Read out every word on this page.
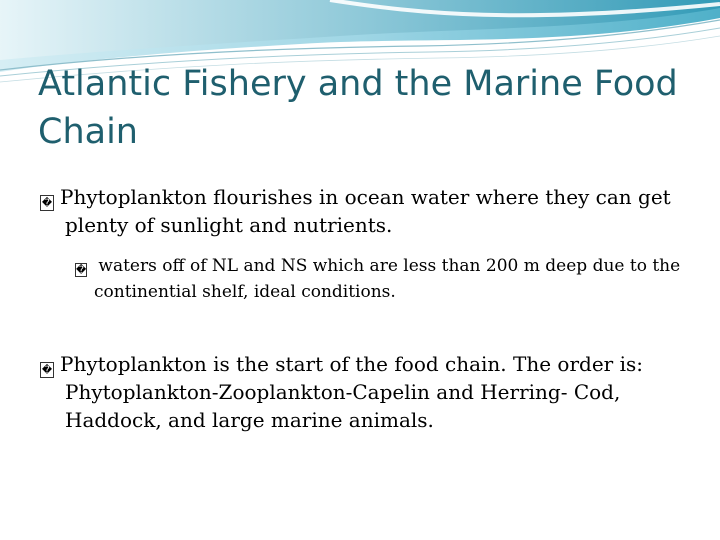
Atlantic Fishery and the Marine Food Chain
� Phytoplankton flourishes in ocean water where they can get plenty of sunlight and nutrients.
� waters off of NL and NS which are less than 200 m deep due to the continential shelf, ideal conditions.
� Phytoplankton is the start of the food chain. The order is: Phytoplankton-Zooplankton-Capelin and Herring- Cod, Haddock, and large marine animals.
